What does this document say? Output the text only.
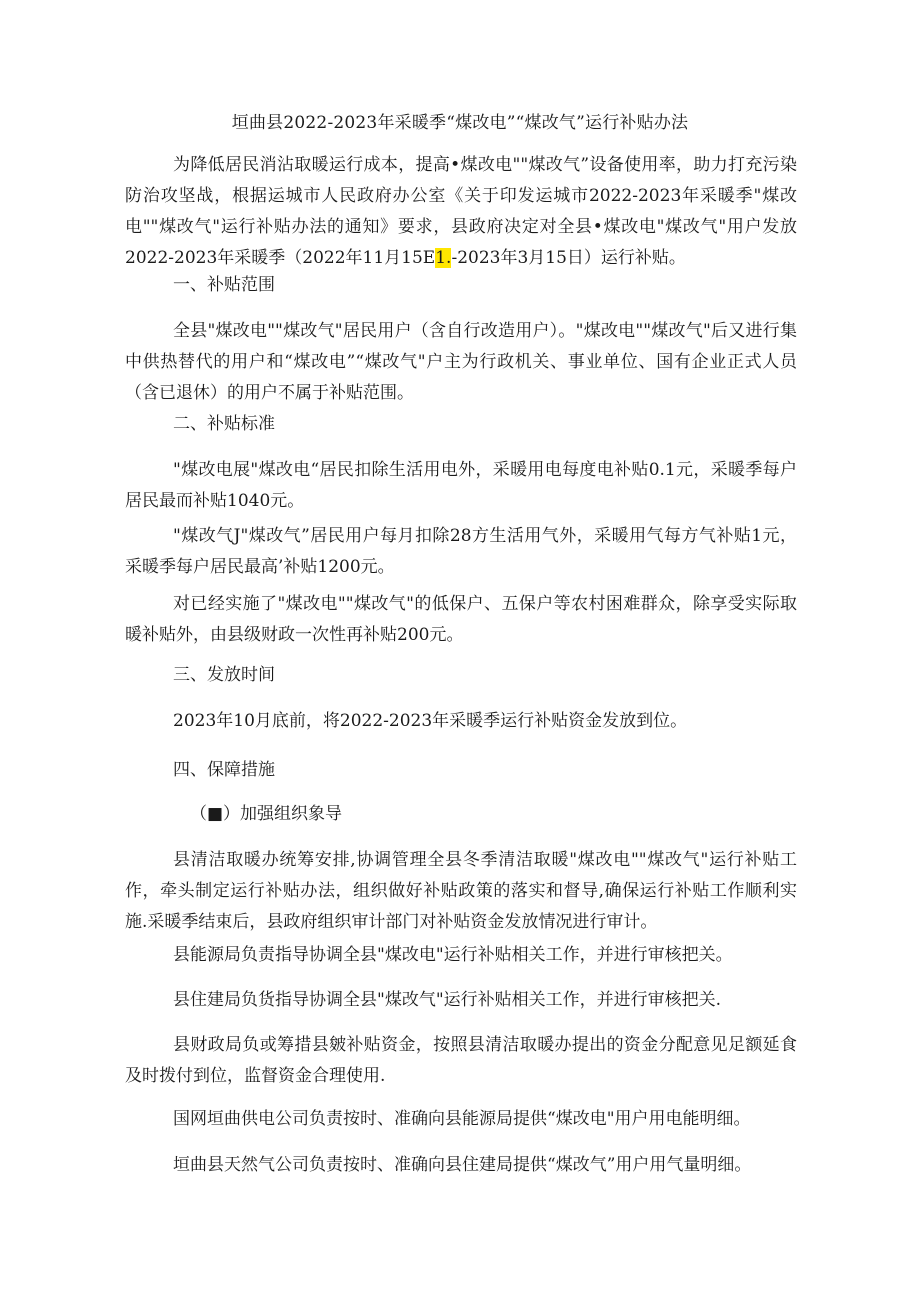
垣曲县2022-2023年采暖季“煤改电”“煤改气”运行补贴办法

为降低居民消沾取暖运行成本，提高•煤改电""煤改气”设备使用率，助力打充污染防治攻坚战，根据运城市人民政府办公室《关于印发运城市2022-2023年采暖季"煤改电""煤改气"运行补贴办法的通知》要求，县政府决定对全县•煤改电"煤改气"用户发放2022-2023年采暖季（2022年11月15E1.-2023年3月15日）运行补贴。

一、补贴范围

全县"煤改电""煤改气"居民用户（含自行改造用户）。"煤改电""煤改气"后又进行集中供热替代的用户和“煤改电”“煤改气"户主为行政机关、事业单位、国有企业正式人员（含已退休）的用户不属于补贴范围。

二、补贴标准

"煤改电展"煤改电“居民扣除生活用电外，采暖用电每度电补贴0.1元，采暖季每户居民最而补贴1040元。

"煤改气J"煤改气”居民用户每月扣除28方生活用气外，采暖用气每方气补贴1元，采暖季每户居民最高’补贴1200元。

对已经实施了"煤改电""煤改气"的低保户、五保户等农村困难群众，除享受实际取暖补贴外，由县级财政一次性再补贴200元。

三、发放时间

2023年10月底前，将2022-2023年采暖季运行补贴资金发放到位。

四、保障措施

（■）加强组织象导

县清洁取暖办统筹安排,协调管理全县冬季清洁取暖"煤改电""煤改气"运行补贴工作，牵头制定运行补贴办法，组织做好补贴政策的落实和督导,确保运行补贴工作顺利实施.采暖季结束后，县政府组织审计部门对补贴资金发放情况进行审计。

县能源局负责指导协调全县"煤改电"运行补贴相关工作，并进行审核把关。

县住建局负货指导协调全县"煤改气"运行补贴相关工作，并进行审核把关.

县财政局负或筹措县皴补贴资金，按照县清洁取暖办提出的资金分配意见足额延食及时拨付到位，监督资金合理使用.

国网垣曲供电公司负责按时、准确向县能源局提供“煤改电"用户用电能明细。

垣曲县天然气公司负责按时、准确向县住建局提供“煤改气”用户用气量明细。
